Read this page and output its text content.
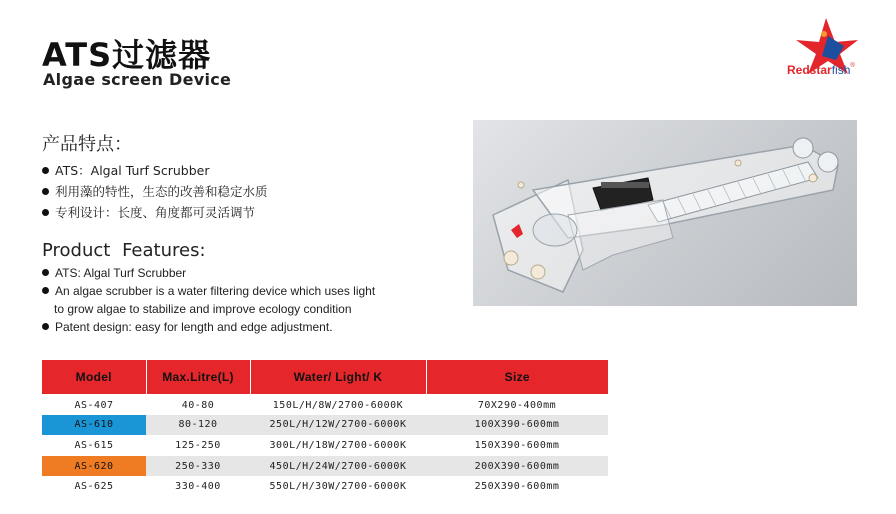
ATS过滤器
Algae screen Device	Redstarfish®
产品特点：
ATS：Algal Turf Scrubber
利用藻的特性，生态的改善和稳定水质
专利设计：长度、角度都可灵活调节
Product Features:
ATS: Algal Turf Scrubber
An algae scrubber is a water filtering device which uses light
to grow algae to stabilize and improve ecology condition
Patent design: easy for length and edge adjustment.
Model	Max.Litre(L)	Water/ Light/ K	Size
AS-407	40-80	150L/H/8W/2700-6000K	70X290-400mm
AS-610	80-120	250L/H/12W/2700-6000K	100X390-600mm
AS-615	125-250	300L/H/18W/2700-6000K	150X390-600mm
AS-620	250-330	450L/H/24W/2700-6000K	200X390-600mm
AS-625	330-400	550L/H/30W/2700-6000K	250X390-600mm
